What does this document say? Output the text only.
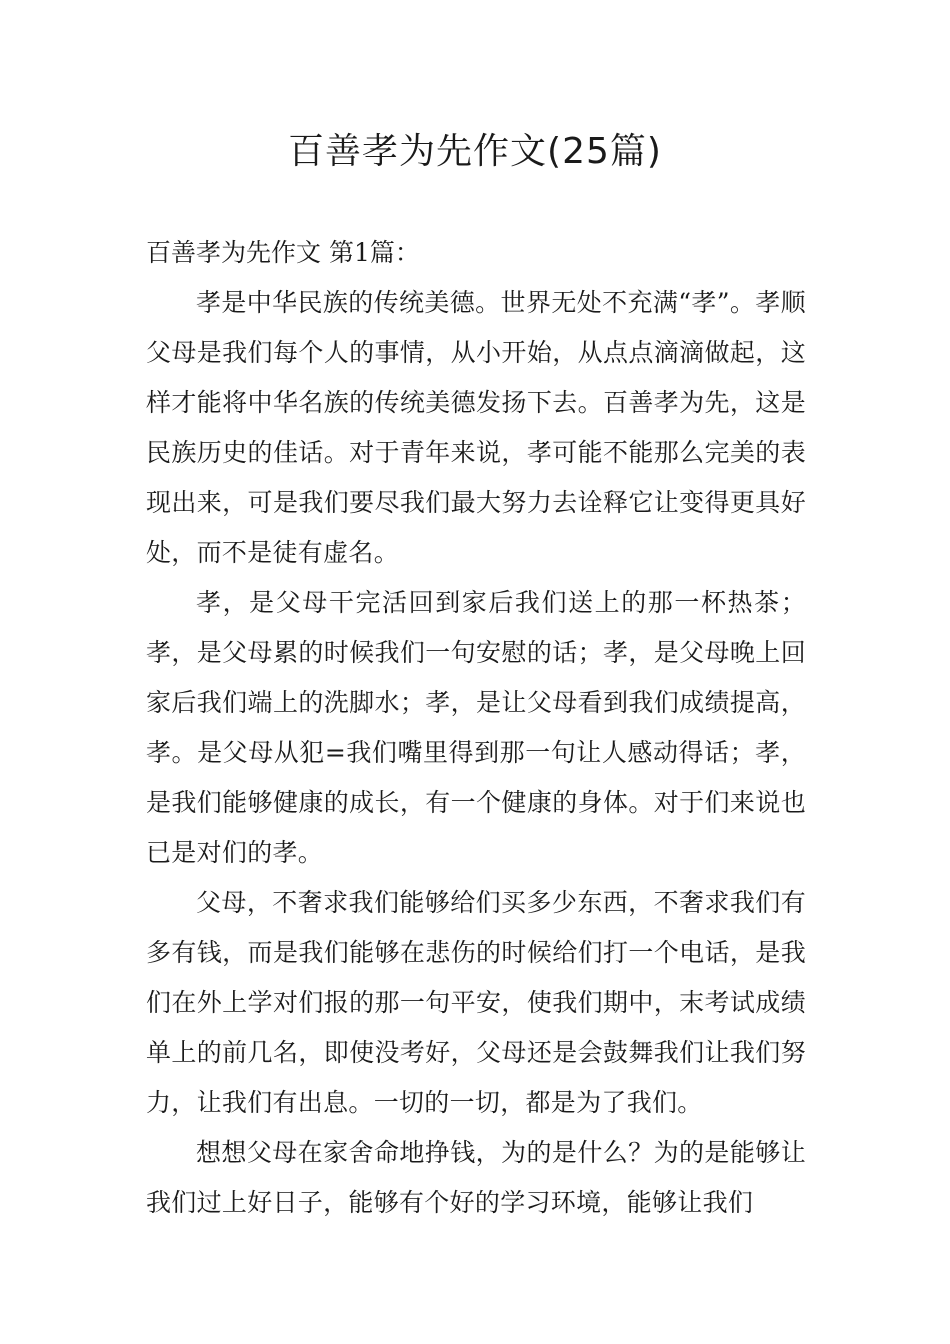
百善孝为先作文(25篇)

百善孝为先作文 第1篇：

孝是中华民族的传统美德。世界无处不充满“孝”。孝顺父母是我们每个人的事情，从小开始，从点点滴滴做起，这样才能将中华名族的传统美德发扬下去。百善孝为先，这是民族历史的佳话。对于青年来说，孝可能不能那么完美的表现出来，可是我们要尽我们最大努力去诠释它让变得更具好处，而不是徒有虚名。

孝，是父母干完活回到家后我们送上的那一杯热茶；孝，是父母累的时候我们一句安慰的话；孝，是父母晚上回家后我们端上的洗脚水；孝，是让父母看到我们成绩提高，孝。是父母从犯=我们嘴里得到那一句让人感动得话；孝，是我们能够健康的成长，有一个健康的身体。对于们来说也已是对们的孝。

父母，不奢求我们能够给们买多少东西，不奢求我们有多有钱，而是我们能够在悲伤的时候给们打一个电话，是我们在外上学对们报的那一句平安，使我们期中，末考试成绩单上的前几名，即使没考好，父母还是会鼓舞我们让我们努力，让我们有出息。一切的一切，都是为了我们。

想想父母在家舍命地挣钱，为的是什么？为的是能够让我们过上好日子，能够有个好的学习环境，能够让我们
